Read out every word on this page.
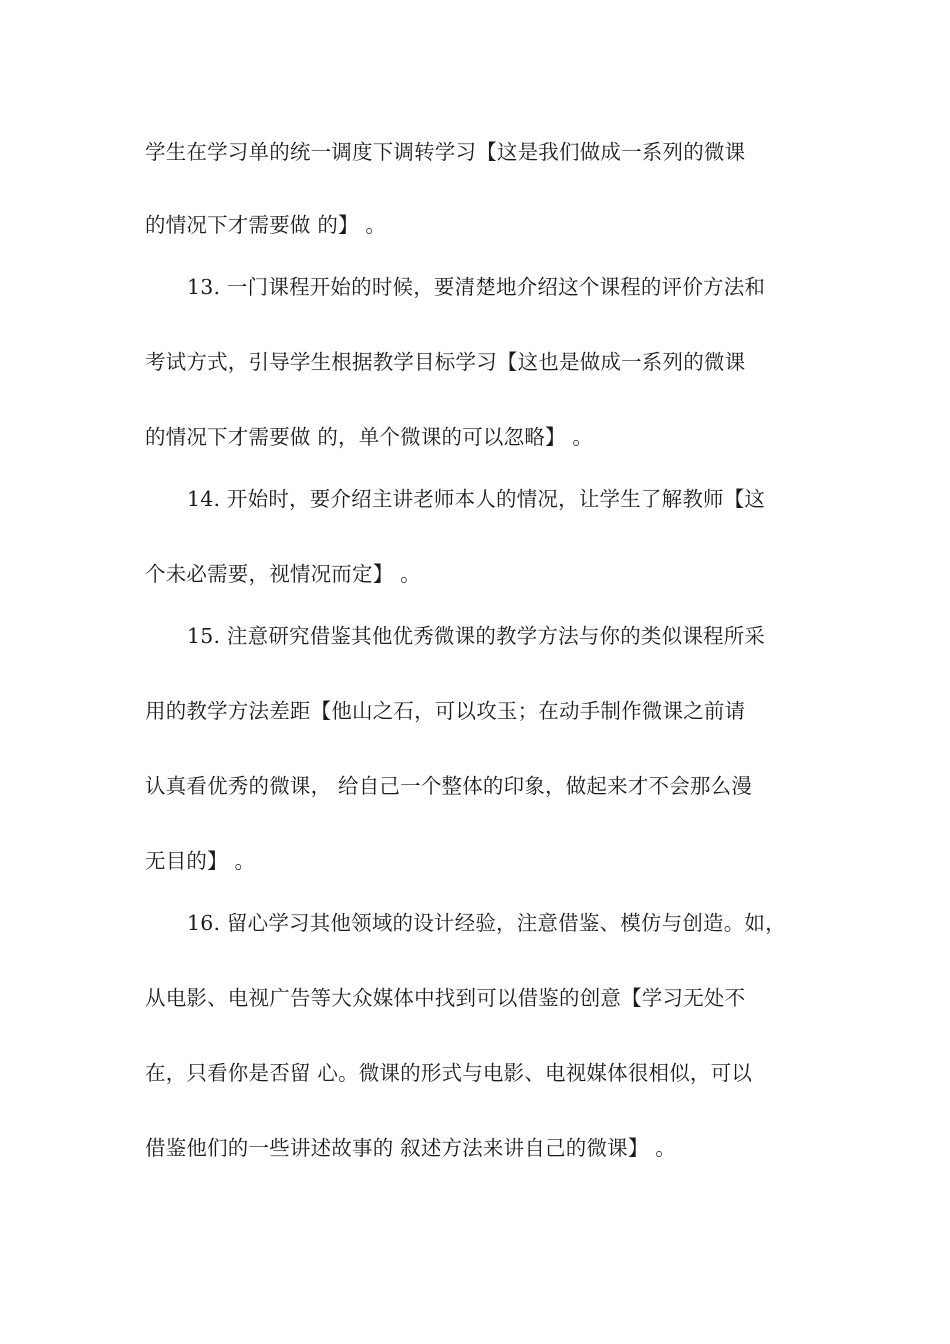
学生在学习单的统一调度下调转学习【这是我们做成一系列的微课
的情况下才需要做 的】 。
13. 一门课程开始的时候，要清楚地介绍这个课程的评价方法和
考试方式，引导学生根据教学目标学习【这也是做成一系列的微课
的情况下才需要做 的，单个微课的可以忽略】 。
14. 开始时，要介绍主讲老师本人的情况，让学生了解教师【这
个未必需要，视情况而定】 。
15. 注意研究借鉴其他优秀微课的教学方法与你的类似课程所采
用的教学方法差距【他山之石，可以攻玉；在动手制作微课之前请
认真看优秀的微课， 给自己一个整体的印象，做起来才不会那么漫
无目的】 。
16. 留心学习其他领域的设计经验，注意借鉴、模仿与创造。如，
从电影、电视广告等大众媒体中找到可以借鉴的创意【学习无处不
在，只看你是否留 心。微课的形式与电影、电视媒体很相似，可以
借鉴他们的一些讲述故事的 叙述方法来讲自己的微课】 。
